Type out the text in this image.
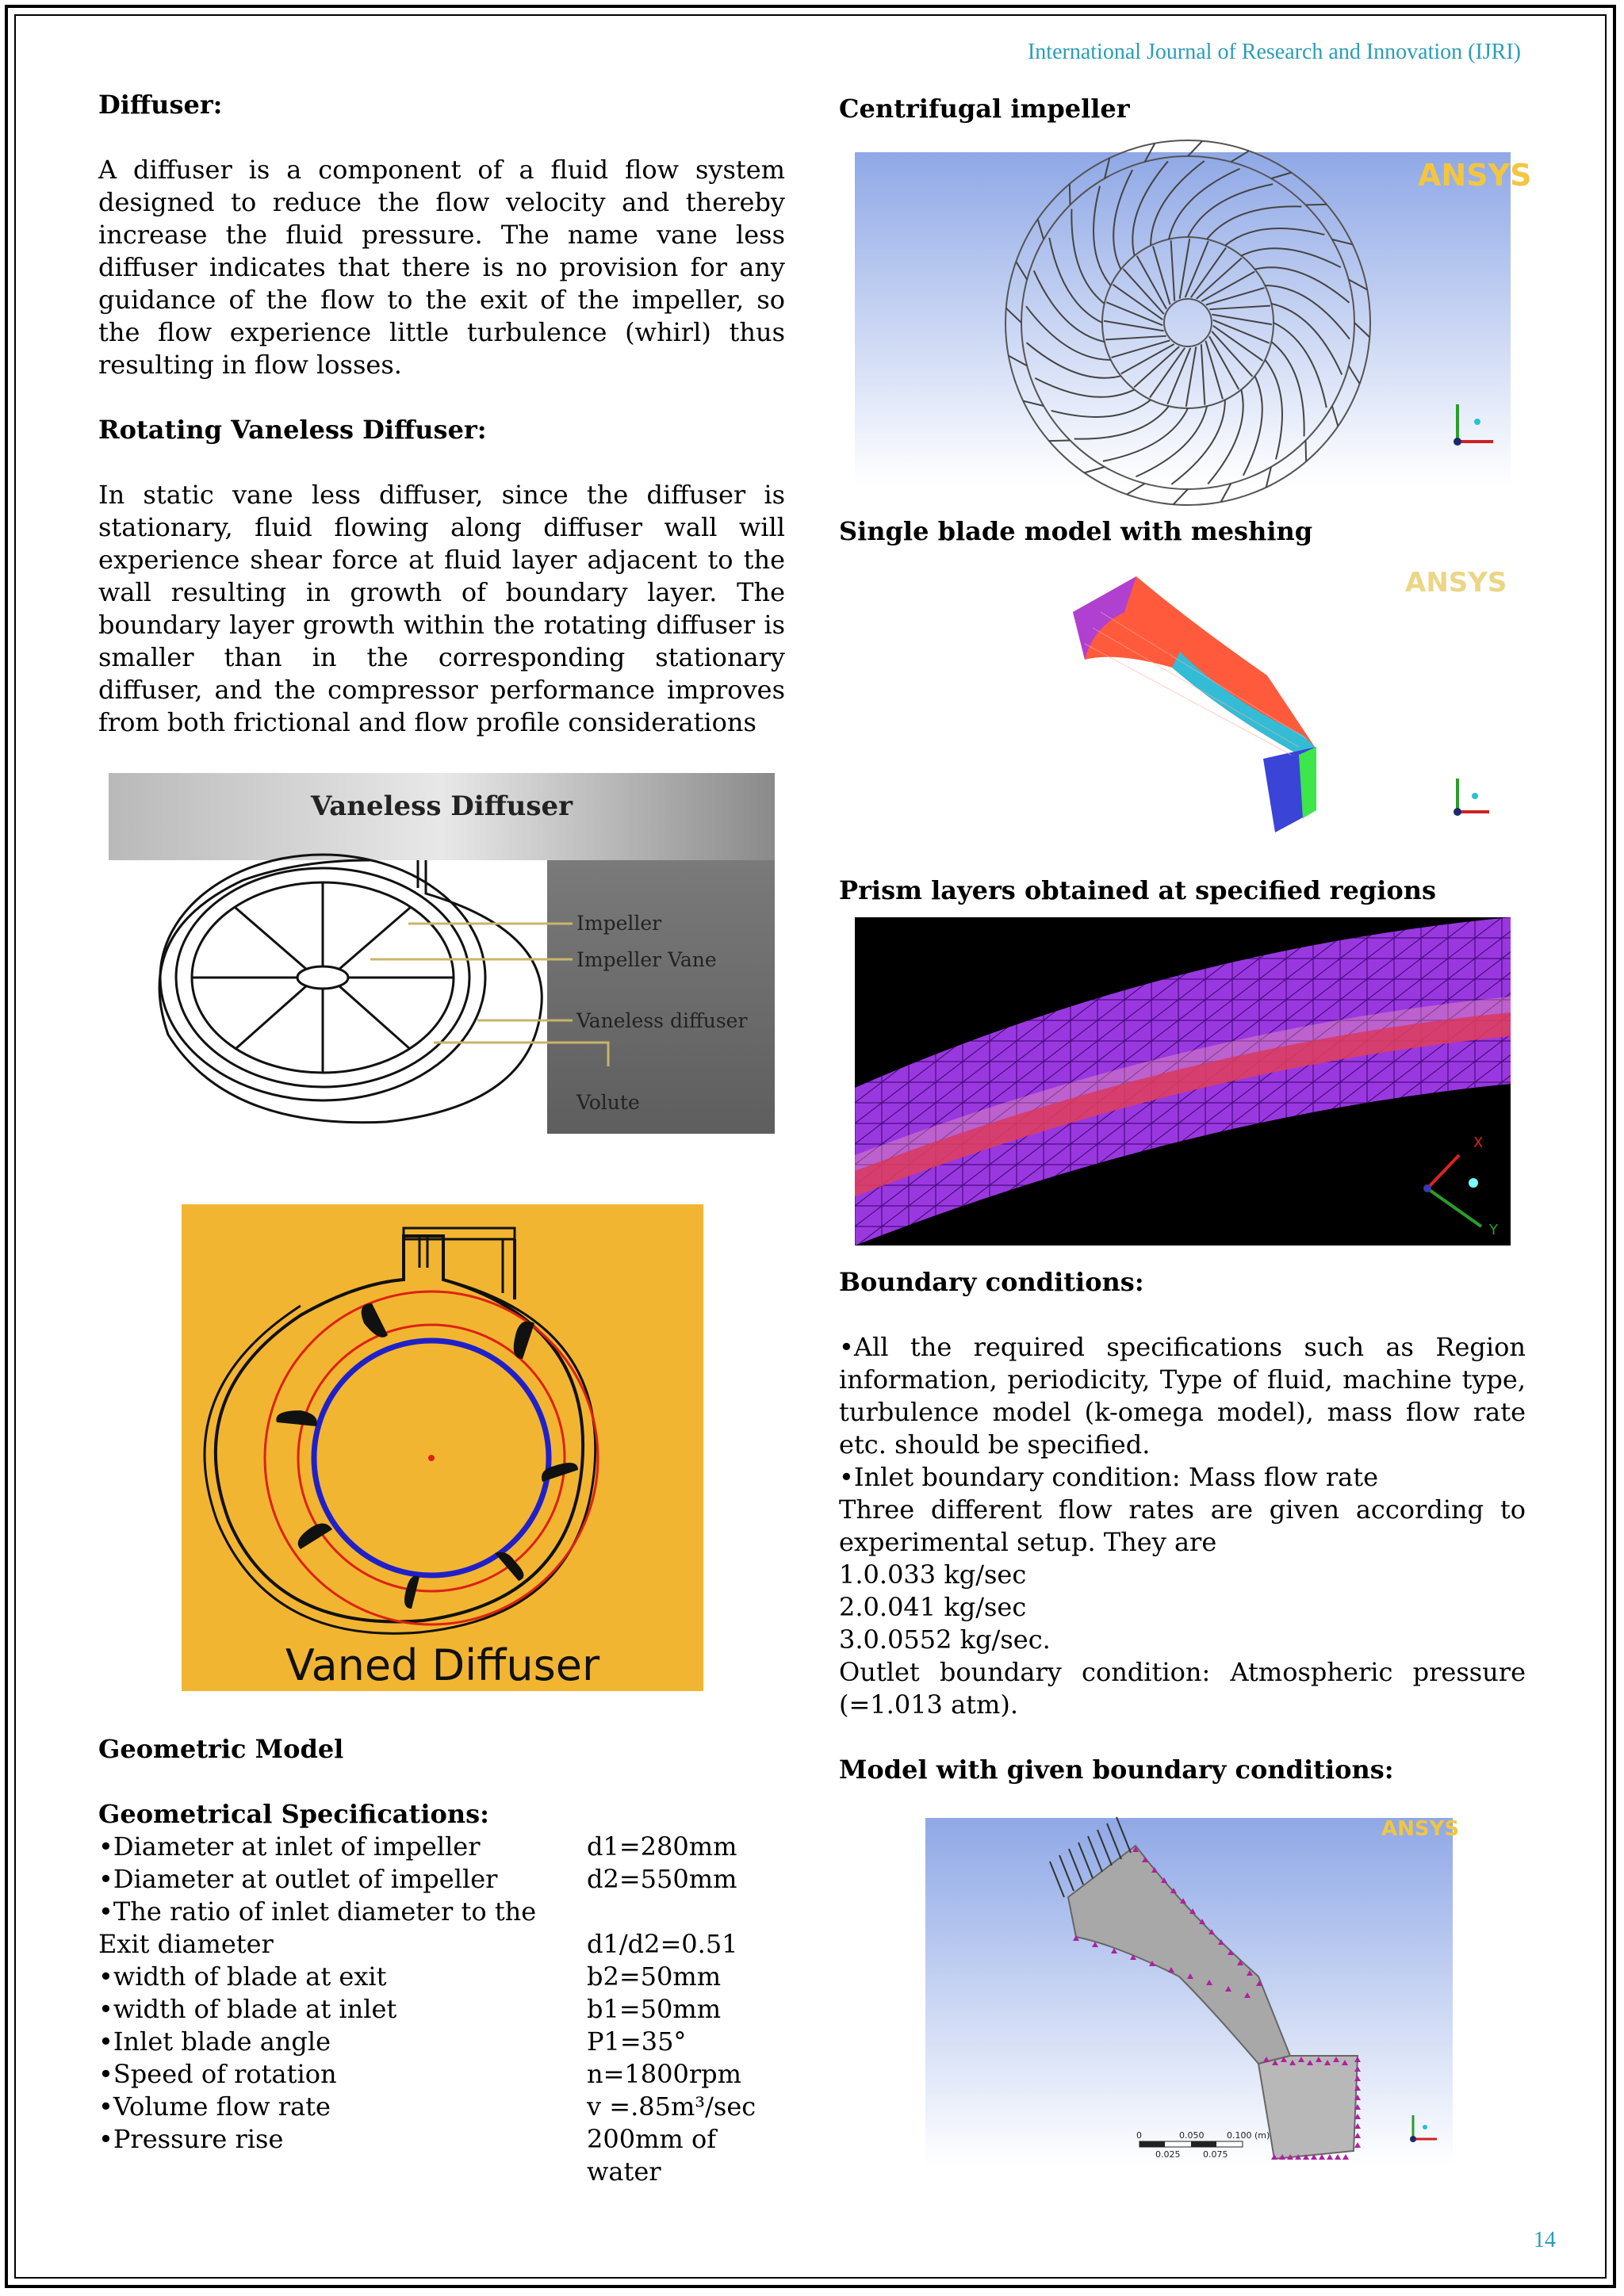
International Journal of Research and Innovation (IJRI)

Diffuser:

A diffuser is a component of a fluid flow system designed to reduce the flow velocity and thereby increase the fluid pressure. The name vane less diffuser indicates that there is no provision for any guidance of the flow to the exit of the impeller, so the flow experience little turbulence (whirl) thus resulting in flow losses.

Rotating Vaneless Diffuser:

In static vane less diffuser, since the diffuser is stationary, fluid flowing along diffuser wall will experience shear force at fluid layer adjacent to the wall resulting in growth of boundary layer. The boundary layer growth within the rotating diffuser is smaller than in the corresponding stationary diffuser, and the compressor performance improves from both frictional and flow profile considerations

Vaneless Diffuser
Impeller
Impeller Vane
Vaneless diffuser
Volute
Vaned Diffuser

Geometric Model

Geometrical Specifications:

•Diameter at inlet of impeller	d1=280mm
•Diameter at outlet of impeller	d2=550mm
•The ratio of inlet diameter to the
Exit diameter	d1/d2=0.51
•width of blade at exit	b2=50mm
•width of blade at inlet	b1=50mm
•Inlet blade angle	P1=35°
•Speed of rotation	n=1800rpm
•Volume flow rate	v =.85m³/sec
•Pressure rise	200mm of water

Centrifugal impeller

ANSYS

Single blade model with meshing

ANSYS

Prism layers obtained at specified regions

X
Y

Boundary conditions:

•All the required specifications such as Region information, periodicity, Type of fluid, machine type, turbulence model (k-omega model), mass flow rate etc. should be specified.

•Inlet boundary condition: Mass flow rate

Three different flow rates are given according to experimental setup. They are

1.0.033 kg/sec

2.0.041 kg/sec

3.0.0552 kg/sec.

Outlet boundary condition: Atmospheric pressure (=1.013 atm).

Model with given boundary conditions:

ANSYS
0	0.050	0.100 (m)
0.025	0.075
14
